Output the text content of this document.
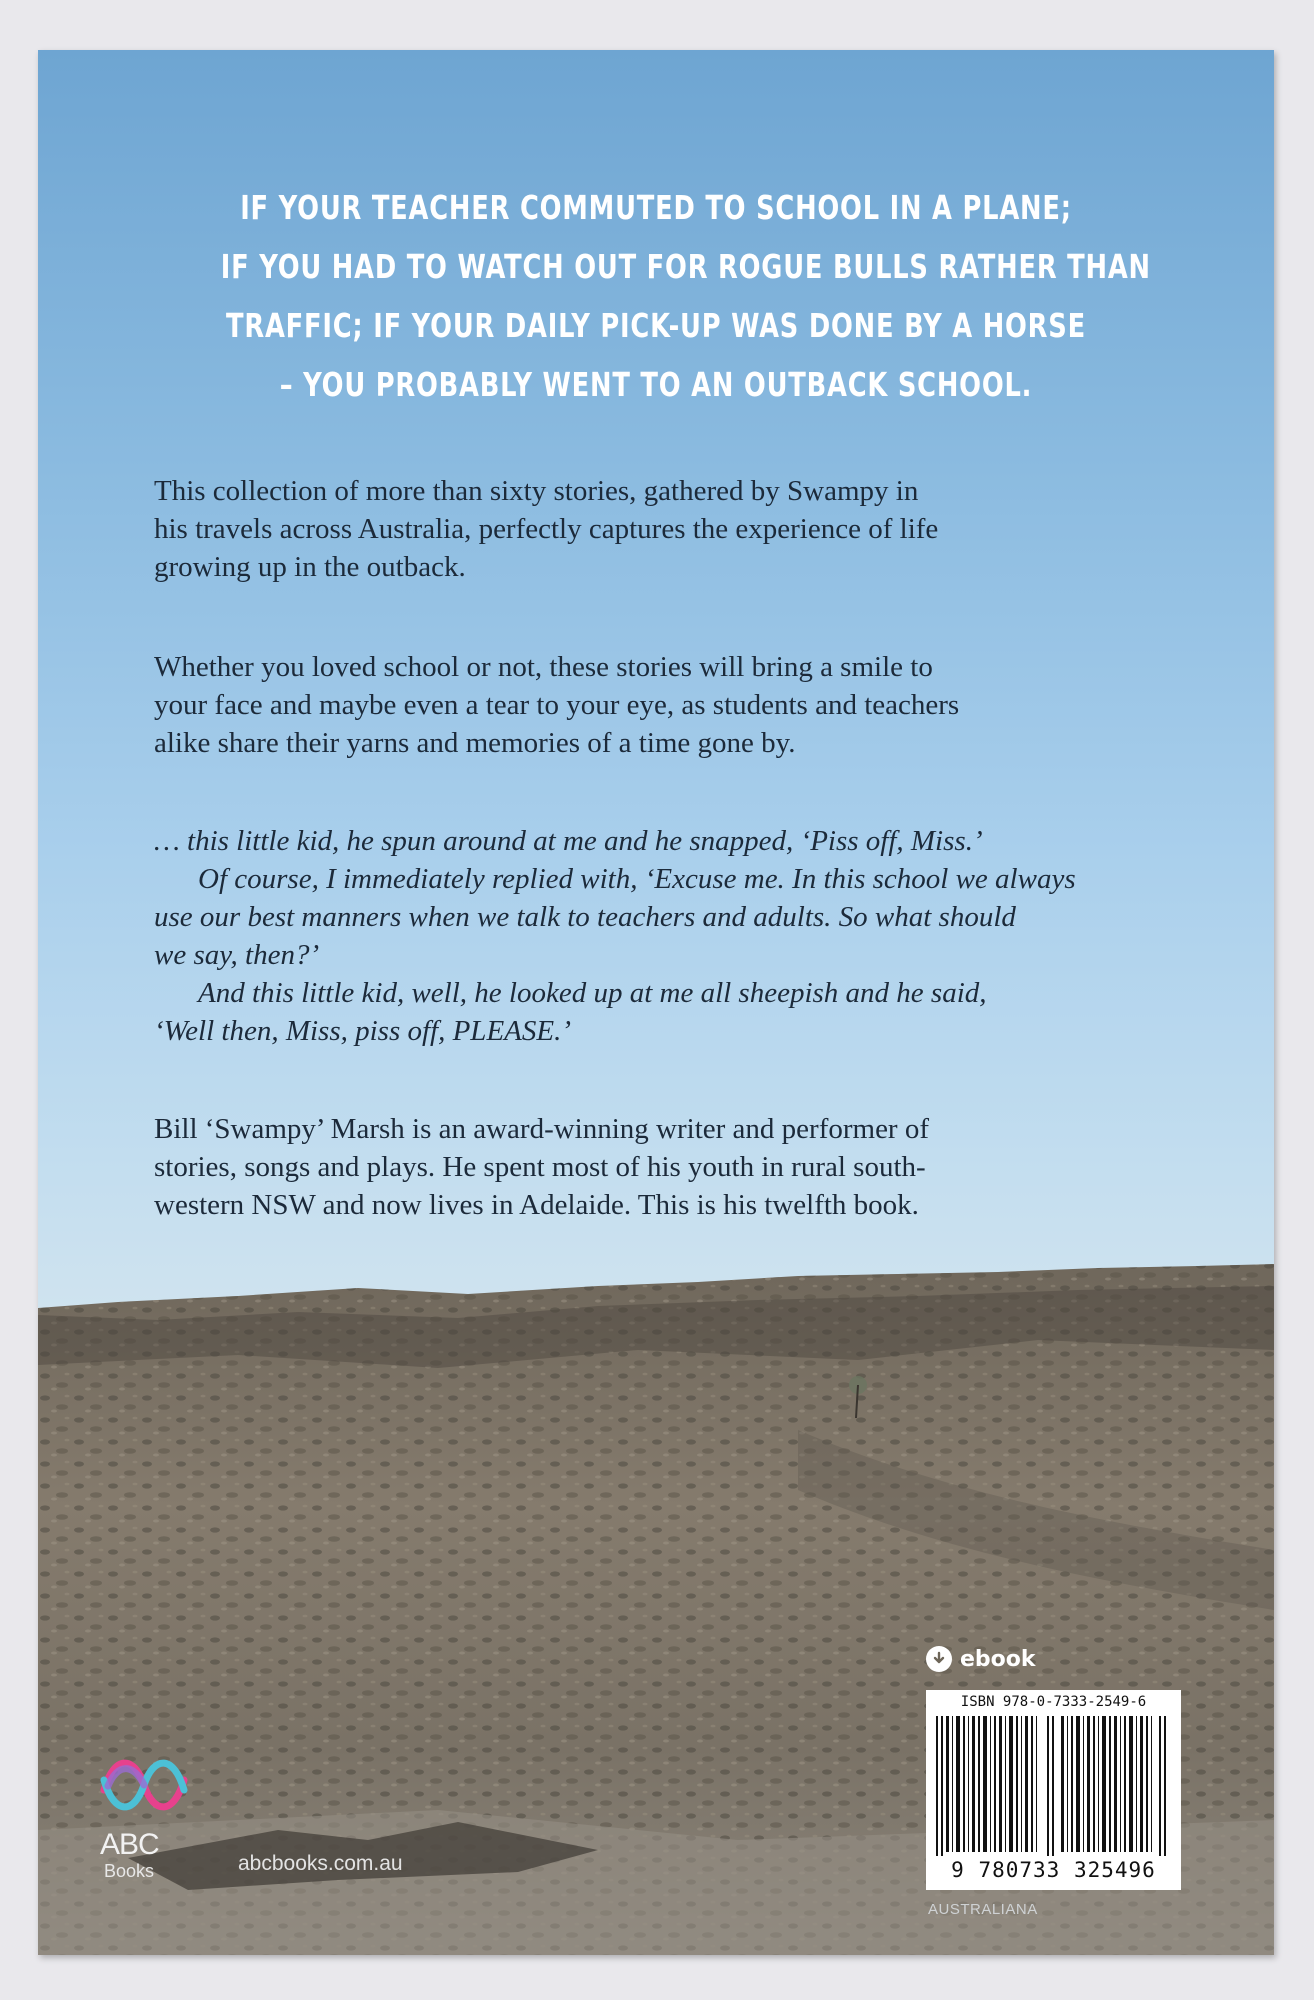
IF YOUR TEACHER COMMUTED TO SCHOOL IN A PLANE;
IF YOU HAD TO WATCH OUT FOR ROGUE BULLS RATHER THAN
TRAFFIC; IF YOUR DAILY PICK-UP WAS DONE BY A HORSE
– YOU PROBABLY WENT TO AN OUTBACK SCHOOL.

This collection of more than sixty stories, gathered by Swampy in
his travels across Australia, perfectly captures the experience of life
growing up in the outback.

Whether you loved school or not, these stories will bring a smile to
your face and maybe even a tear to your eye, as students and teachers
alike share their yarns and memories of a time gone by.

… this little kid, he spun around at me and he snapped, ‘Piss off, Miss.’
Of course, I immediately replied with, ‘Excuse me. In this school we always
use our best manners when we talk to teachers and adults. So what should
we say, then?’
And this little kid, well, he looked up at me all sheepish and he said,
‘Well then, Miss, piss off, PLEASE.’

Bill ‘Swampy’ Marsh is an award-winning writer and performer of
stories, songs and plays. He spent most of his youth in rural south-
western NSW and now lives in Adelaide. This is his twelfth book.

ebook
ISBN 978-0-7333-2549-6
9 780733 325496
AUSTRALIANA
ABC
Books	abcbooks.com.au
